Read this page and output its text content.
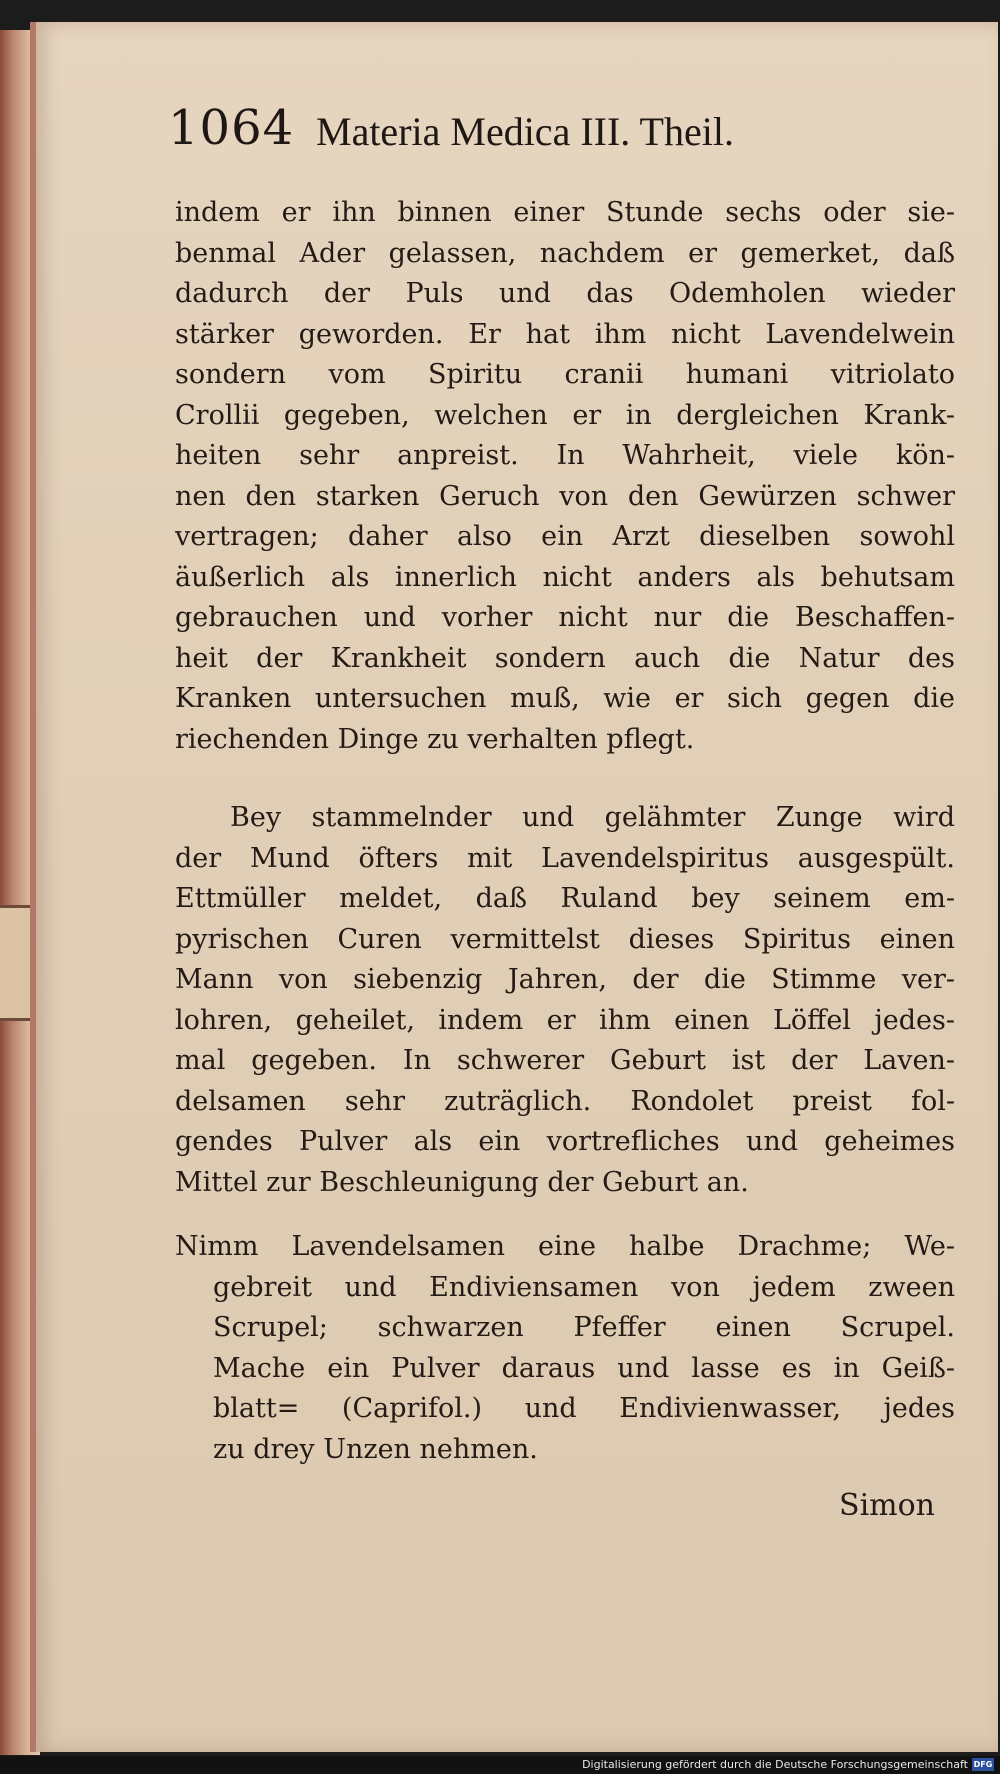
1064 Materia Medica III. Theil.
indem er ihn binnen einer Stunde sechs oder sie-
benmal Ader gelassen, nachdem er gemerket, daß
dadurch der Puls und das Odemholen wieder
stärker geworden. Er hat ihm nicht Lavendelwein
sondern vom Spiritu cranii humani vitriolato
Crollii gegeben, welchen er in dergleichen Krank-
heiten sehr anpreist. In Wahrheit, viele kön-
nen den starken Geruch von den Gewürzen schwer
vertragen; daher also ein Arzt dieselben sowohl
äußerlich als innerlich nicht anders als behutsam
gebrauchen und vorher nicht nur die Beschaffen-
heit der Krankheit sondern auch die Natur des
Kranken untersuchen muß, wie er sich gegen die
riechenden Dinge zu verhalten pflegt.
Bey stammelnder und gelähmter Zunge wird
der Mund öfters mit Lavendelspiritus ausgespült.
Ettmüller meldet, daß Ruland bey seinem em-
pyrischen Curen vermittelst dieses Spiritus einen
Mann von siebenzig Jahren, der die Stimme ver-
lohren, geheilet, indem er ihm einen Löffel jedes-
mal gegeben. In schwerer Geburt ist der Laven-
delsamen sehr zuträglich. Rondolet preist fol-
gendes Pulver als ein vortrefliches und geheimes
Mittel zur Beschleunigung der Geburt an.
Nimm Lavendelsamen eine halbe Drachme; We-
gebreit und Endiviensamen von jedem zween
Scrupel; schwarzen Pfeffer einen Scrupel.
Mache ein Pulver daraus und lasse es in Geiß-
blatt= (Caprifol.) und Endivienwasser, jedes
zu drey Unzen nehmen.
Simon
Digitalisierung gefördert durch die Deutsche Forschungsgemeinschaft DFG
